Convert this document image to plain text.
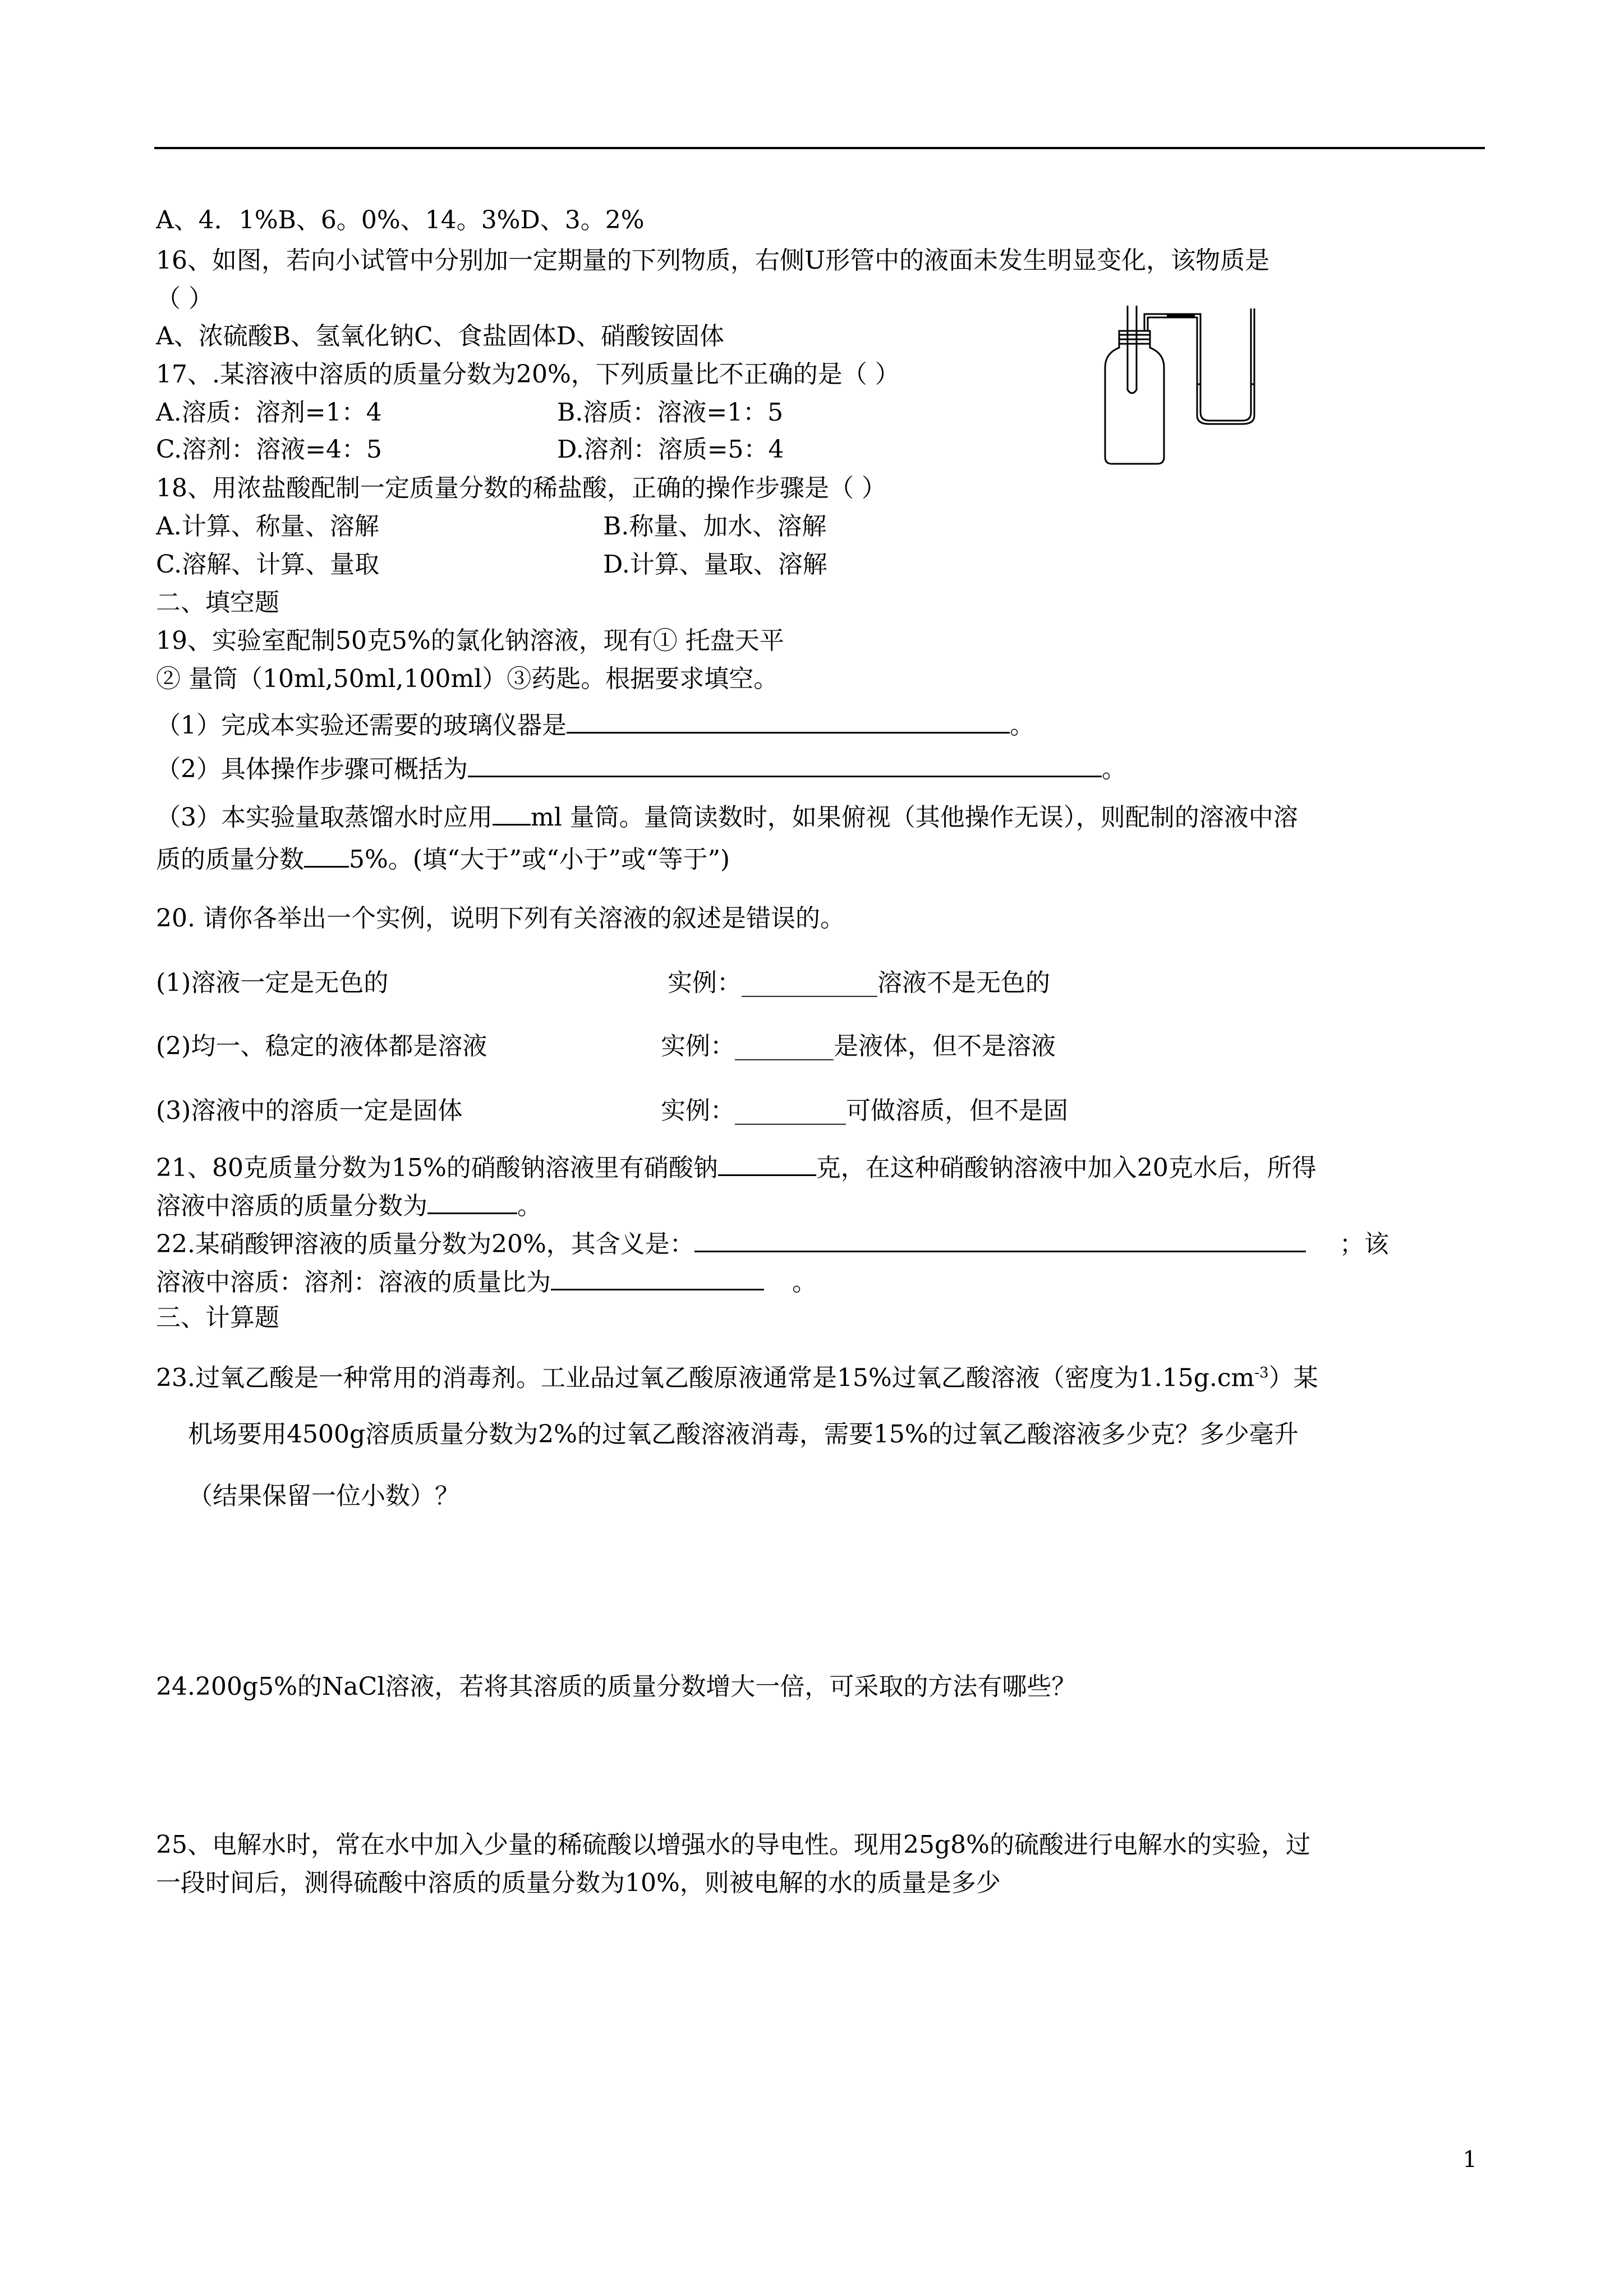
A、4．1%B、6。0%、14。3%D、3。2%
16、如图，若向小试管中分别加一定期量的下列物质，右侧U形管中的液面未发生明显变化，该物质是
（ ）
A、浓硫酸B、氢氧化钠C、食盐固体D、硝酸铵固体
17、.某溶液中溶质的质量分数为20%，下列质量比不正确的是（ ）
A.溶质：溶剂=1：4	B.溶质：溶液=1：5
C.溶剂：溶液=4：5	D.溶剂：溶质=5：4
18、用浓盐酸配制一定质量分数的稀盐酸，正确的操作步骤是（ ）
A.计算、称量、溶解	B.称量、加水、溶解
C.溶解、计算、量取	D.计算、量取、溶解
二、填空题
19、实验室配制50克5%的氯化钠溶液，现有① 托盘天平
② 量筒（10ml,50ml,100ml）③药匙。根据要求填空。
（1）完成本实验还需要的玻璃仪器是	。
（2）具体操作步骤可概括为	。
（3）本实验量取蒸馏水时应用 ml 量筒。量筒读数时，如果俯视（其他操作无误），则配制的溶液中溶
质的质量分数 5%。(填“大于”或“小于”或“等于”)
20. 请你各举出一个实例，说明下列有关溶液的叙述是错误的。
(1)溶液一定是无色的	实例：___________溶液不是无色的
(2)均一、稳定的液体都是溶液	实例：________是液体，但不是溶液
(3)溶液中的溶质一定是固体	实例：_________可做溶质，但不是固
21、80克质量分数为15%的硝酸钠溶液里有硝酸钠	克，在这种硝酸钠溶液中加入20克水后，所得
溶液中溶质的质量分数为	。
22.某硝酸钾溶液的质量分数为20%，其含义是：	；该
溶液中溶质：溶剂：溶液的质量比为	。
三、计算题
23.过氧乙酸是一种常用的消毒剂。工业品过氧乙酸原液通常是15%过氧乙酸溶液（密度为$1.15g.cm^{-3}$）某
机场要用4500g溶质质量分数为2%的过氧乙酸溶液消毒，需要15%的过氧乙酸溶液多少克？多少毫升
（结果保留一位小数）？
24.200g5%的NaCl溶液，若将其溶质的质量分数增大一倍，可采取的方法有哪些？
25、电解水时，常在水中加入少量的稀硫酸以增强水的导电性。现用25g8%的硫酸进行电解水的实验，过
一段时间后，测得硫酸中溶质的质量分数为10%，则被电解的水的质量是多少
1
